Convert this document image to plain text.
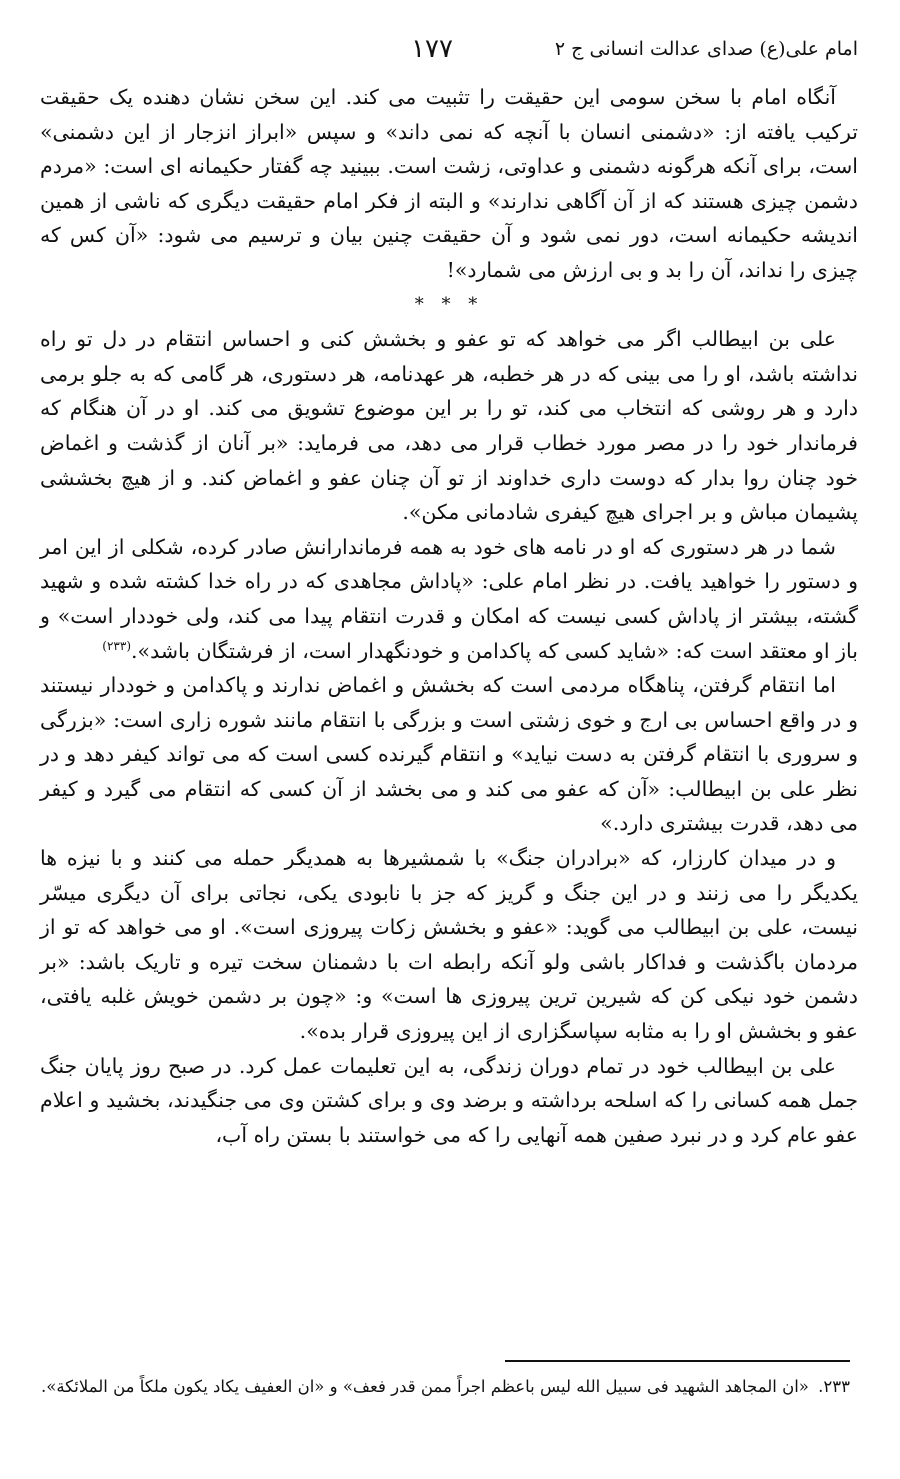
امام علی(ع) صدای عدالت انسانی ج ۲
۱۷۷

آنگاه امام با سخن سومی این حقیقت را تثبیت می کند. این سخن نشان دهنده یک حقیقت ترکیب یافته از: «دشمنی انسان با آنچه که نمی داند» و سپس «ابراز انزجار از این دشمنی» است، برای آنکه هرگونه دشمنی و عداوتی، زشت است. ببینید چه گفتار حکیمانه ای است: «مردم دشمن چیزی هستند که از آن آگاهی ندارند» و البته از فکر امام حقیقت دیگری که ناشی از همین اندیشه حکیمانه است، دور نمی شود و آن حقیقت چنین بیان و ترسیم می شود: «آن کس که چیزی را نداند، آن را بد و بی ارزش می شمارد»!

* * *

علی بن ابیطالب اگر می خواهد که تو عفو و بخشش کنی و احساس انتقام در دل تو راه نداشته باشد، او را می بینی که در هر خطبه، هر عهدنامه، هر دستوری، هر گامی که به جلو برمی دارد و هر روشی که انتخاب می کند، تو را بر این موضوع تشویق می کند. او در آن هنگام که فرماندار خود را در مصر مورد خطاب قرار می دهد، می فرماید: «بر آنان از گذشت و اغماض خود چنان روا بدار که دوست داری خداوند از تو آن چنان عفو و اغماض کند. و از هیچ بخششی پشیمان مباش و بر اجرای هیچ کیفری شادمانی مکن».

شما در هر دستوری که او در نامه های خود به همه فرماندارانش صادر کرده، شکلی از این امر و دستور را خواهید یافت. در نظر امام علی: «پاداش مجاهدی که در راه خدا کشته شده و شهید گشته، بیشتر از پاداش کسی نیست که امکان و قدرت انتقام پیدا می کند، ولی خوددار است» و باز او معتقد است که: «شاید کسی که پاکدامن و خودنگهدار است، از فرشتگان باشد».$^{(۲۳۳)}$

اما انتقام گرفتن، پناهگاه مردمی است که بخشش و اغماض ندارند و پاکدامن و خوددار نیستند و در واقع احساس بی ارج و خوی زشتی است و بزرگی با انتقام مانند شوره زاری است: «بزرگی و سروری با انتقام گرفتن به دست نیاید» و انتقام گیرنده کسی است که می تواند کیفر دهد و در نظر علی بن ابیطالب: «آن که عفو می کند و می بخشد از آن کسی که انتقام می گیرد و کیفر می دهد، قدرت بیشتری دارد.»

و در میدان کارزار، که «برادران جنگ» با شمشیرها به همدیگر حمله می کنند و با نیزه ها یکدیگر را می زنند و در این جنگ و گریز که جز با نابودی یکی، نجاتی برای آن دیگری میسّر نیست، علی بن ابیطالب می گوید: «عفو و بخشش زکات پیروزی است». او می خواهد که تو از مردمان باگذشت و فداکار باشی ولو آنکه رابطه ات با دشمنان سخت تیره و تاریک باشد: «بر دشمن خود نیکی کن که شیرین ترین پیروزی ها است» و: «چون بر دشمن خویش غلبه یافتی، عفو و بخشش او را به مثابه سپاسگزاری از این پیروزی قرار بده».

علی بن ابیطالب خود در تمام دوران زندگی، به این تعلیمات عمل کرد. در صبح روز پایان جنگ جمل همه کسانی را که اسلحه برداشته و برضد وی و برای کشتن وی می جنگیدند، بخشید و اعلام عفو عام کرد و در نبرد صفین همه آنهایی را که می خواستند با بستن راه آب،

۲۳۳. «ان المجاهد الشهید فی سبیل الله لیس باعظم اجراً ممن قدر فعف» و «ان العفیف یکاد یکون ملکاً من الملائکة».
